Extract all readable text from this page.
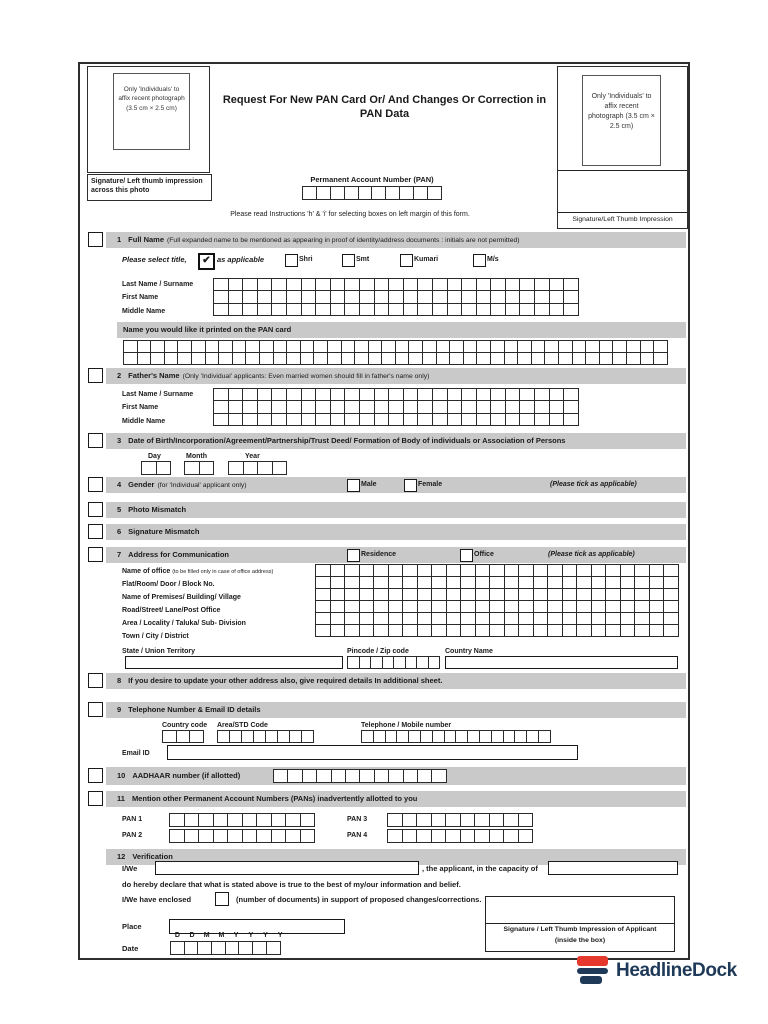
Only 'Individuals' to affix recent photograph (3.5 cm × 2.5 cm)
Signature/ Left thumb impression across this photo
Request For New PAN Card Or/ And Changes Or Correction in PAN Data
Permanent Account Number (PAN)
Please read Instructions 'h' & 'i' for selecting boxes on left margin of this form.
Only 'Individuals' to affix recent photograph (3.5 cm × 2.5 cm)
Signature/Left Thumb Impression
1 Full Name (Full expanded name to be mentioned as appearing in proof of identity/address documents : initials are not permitted)
Please select title,	✔ as applicable	Shri	Smt	Kumari	M/s
Last Name / Surname
First Name
Middle Name
Name you would like it printed on the PAN card
2 Father's Name (Only 'Individual' applicants: Even married women should fill in father's name only)
Last Name / Surname
First Name
Middle Name
3 Date of Birth/Incorporation/Agreement/Partnership/Trust Deed/ Formation of Body of individuals or Association of Persons
Day	Month	Year
4 Gender (for 'Individual' applicant only)	Male	Female	(Please tick as applicable)
5 Photo Mismatch
6 Signature Mismatch
7 Address for Communication	Residence	Office	(Please tick as applicable)
Name of office (to be filled only in case of office address)
Flat/Room/ Door / Block No.
Name of Premises/ Building/ Village
Road/Street/ Lane/Post Office
Area / Locality / Taluka/ Sub- Division
Town / City / District
State / Union Territory	Pincode / Zip code	Country Name
8 If you desire to update your other address also, give required details In additional sheet.
9 Telephone Number & Email ID details
Country code Area/STD Code	Telephone / Mobile number
Email ID
10 AADHAAR number (if allotted)
11 Mention other Permanent Account Numbers (PANs) inadvertently allotted to you
PAN 1	PAN 3
PAN 2	PAN 4
12 Verification
I/We	, the applicant, in the capacity of
do hereby declare that what is stated above is true to the best of my/our information and belief.
I/We have enclosed	(number of documents) in support of proposed changes/corrections.
Place
D	D	M	M	Y	Y	Y	Y
Date
Signature / Left Thumb Impression of Applicant
(inside the box)
HeadlineDock
